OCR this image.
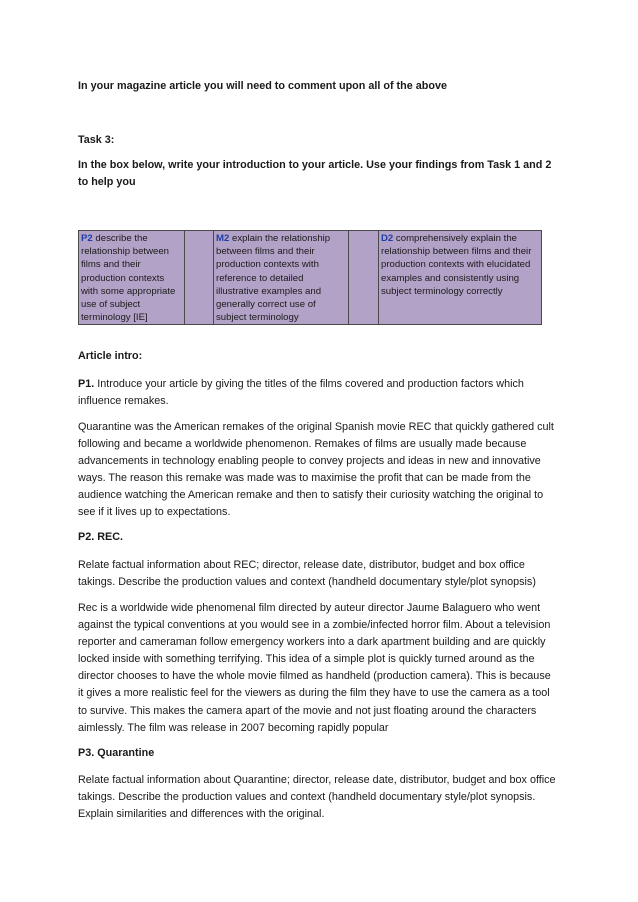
In your magazine article you will need to comment upon all of the above

Task 3:

In the box below, write your introduction to your article. Use your findings from Task 1 and 2 to help you

P2 describe the relationship between films and their production contexts with some appropriate use of subject terminology [IE]		M2 explain the relationship between films and their production contexts with reference to detailed illustrative examples and generally correct use of subject terminology		D2 comprehensively explain the relationship between films and their production contexts with elucidated examples and consistently using subject terminology correctly

Article intro:

P1. Introduce your article by giving the titles of the films covered and production factors which influence remakes.

Quarantine was the American remakes of the original Spanish movie REC that quickly gathered cult following and became a worldwide phenomenon. Remakes of films are usually made because advancements in technology enabling people to convey projects and ideas in new and innovative ways. The reason this remake was made was to maximise the profit that can be made from the audience watching the American remake and then to satisfy their curiosity watching the original to see if it lives up to expectations.

P2. REC.

Relate factual information about REC; director, release date, distributor, budget and box office takings. Describe the production values and context (handheld documentary style/plot synopsis)

Rec is a worldwide wide phenomenal film directed by auteur director Jaume Balaguero who went against the typical conventions at you would see in a zombie/infected horror film. About a television reporter and cameraman follow emergency workers into a dark apartment building and are quickly locked inside with something terrifying. This idea of a simple plot is quickly turned around as the director chooses to have the whole movie filmed as handheld (production camera). This is because it gives a more realistic feel for the viewers as during the film they have to use the camera as a tool to survive. This makes the camera apart of the movie and not just floating around the characters aimlessly. The film was release in 2007 becoming rapidly popular

P3. Quarantine

Relate factual information about Quarantine; director, release date, distributor, budget and box office takings. Describe the production values and context (handheld documentary style/plot synopsis. Explain similarities and differences with the original.
